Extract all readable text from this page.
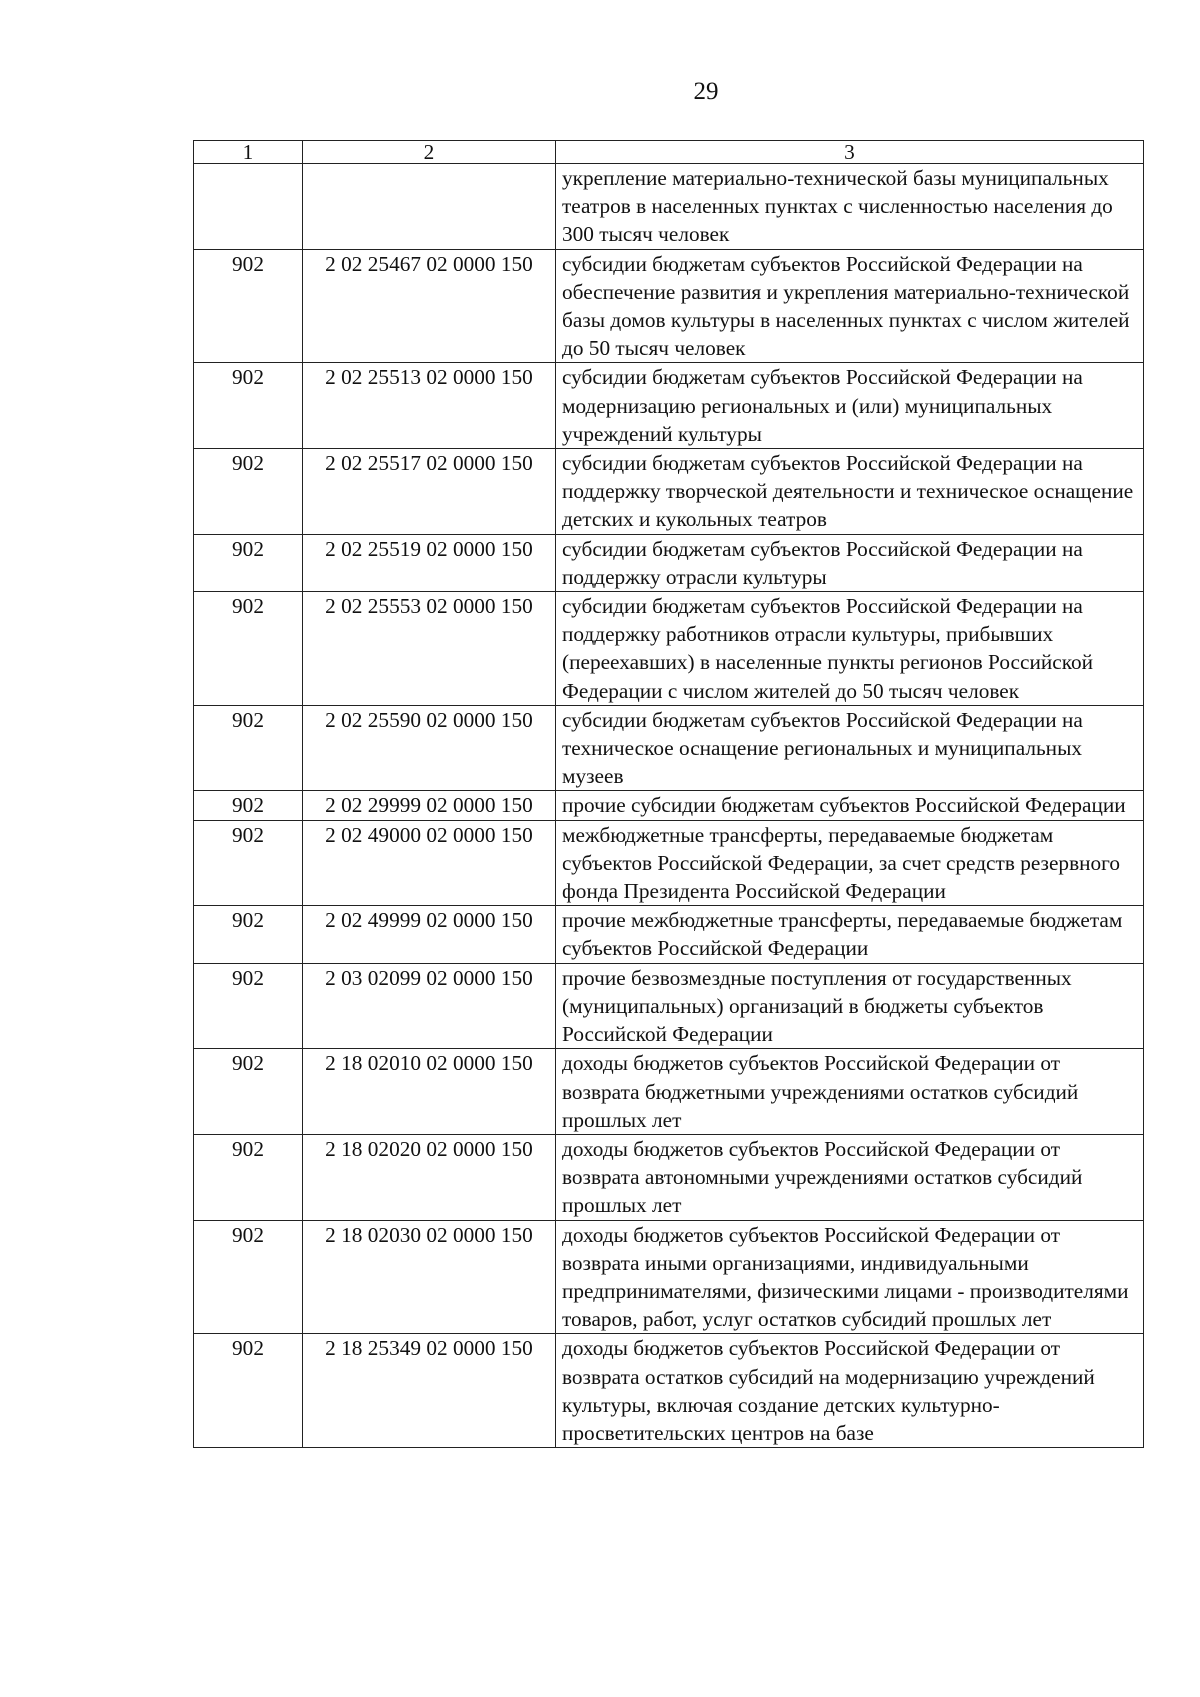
29
1	2	3
		укрепление материально-технической базы муниципальных театров в населенных пунктах с численностью населения до 300 тысяч человек
902	2 02 25467 02 0000 150	субсидии бюджетам субъектов Российской Федерации на обеспечение развития и укрепления материально-технической базы домов культуры в населенных пунктах с числом жителей до 50 тысяч человек
902	2 02 25513 02 0000 150	субсидии бюджетам субъектов Российской Федерации на модернизацию региональных и (или) муниципальных учреждений культуры
902	2 02 25517 02 0000 150	субсидии бюджетам субъектов Российской Федерации на поддержку творческой деятельности и техническое оснащение детских и кукольных театров
902	2 02 25519 02 0000 150	субсидии бюджетам субъектов Российской Федерации на поддержку отрасли культуры
902	2 02 25553 02 0000 150	субсидии бюджетам субъектов Российской Федерации на поддержку работников отрасли культуры, прибывших (переехавших) в населенные пункты регионов Российской Федерации с числом жителей до 50 тысяч человек
902	2 02 25590 02 0000 150	субсидии бюджетам субъектов Российской Федерации на техническое оснащение региональных и муниципальных музеев
902	2 02 29999 02 0000 150	прочие субсидии бюджетам субъектов Российской Федерации
902	2 02 49000 02 0000 150	межбюджетные трансферты, передаваемые бюджетам субъектов Российской Федерации, за счет средств резервного фонда Президента Российской Федерации
902	2 02 49999 02 0000 150	прочие межбюджетные трансферты, передаваемые бюджетам субъектов Российской Федерации
902	2 03 02099 02 0000 150	прочие безвозмездные поступления от государственных (муниципальных) организаций в бюджеты субъектов Российской Федерации
902	2 18 02010 02 0000 150	доходы бюджетов субъектов Российской Федерации от возврата бюджетными учреждениями остатков субсидий прошлых лет
902	2 18 02020 02 0000 150	доходы бюджетов субъектов Российской Федерации от возврата автономными учреждениями остатков субсидий прошлых лет
902	2 18 02030 02 0000 150	доходы бюджетов субъектов Российской Федерации от возврата иными организациями, индивидуальными предпринимателями, физическими лицами - производителями товаров, работ, услуг остатков субсидий прошлых лет
902	2 18 25349 02 0000 150	доходы бюджетов субъектов Российской Федерации от возврата остатков субсидий на модернизацию учреждений культуры, включая создание детских культурно-просветительских центров на базе
